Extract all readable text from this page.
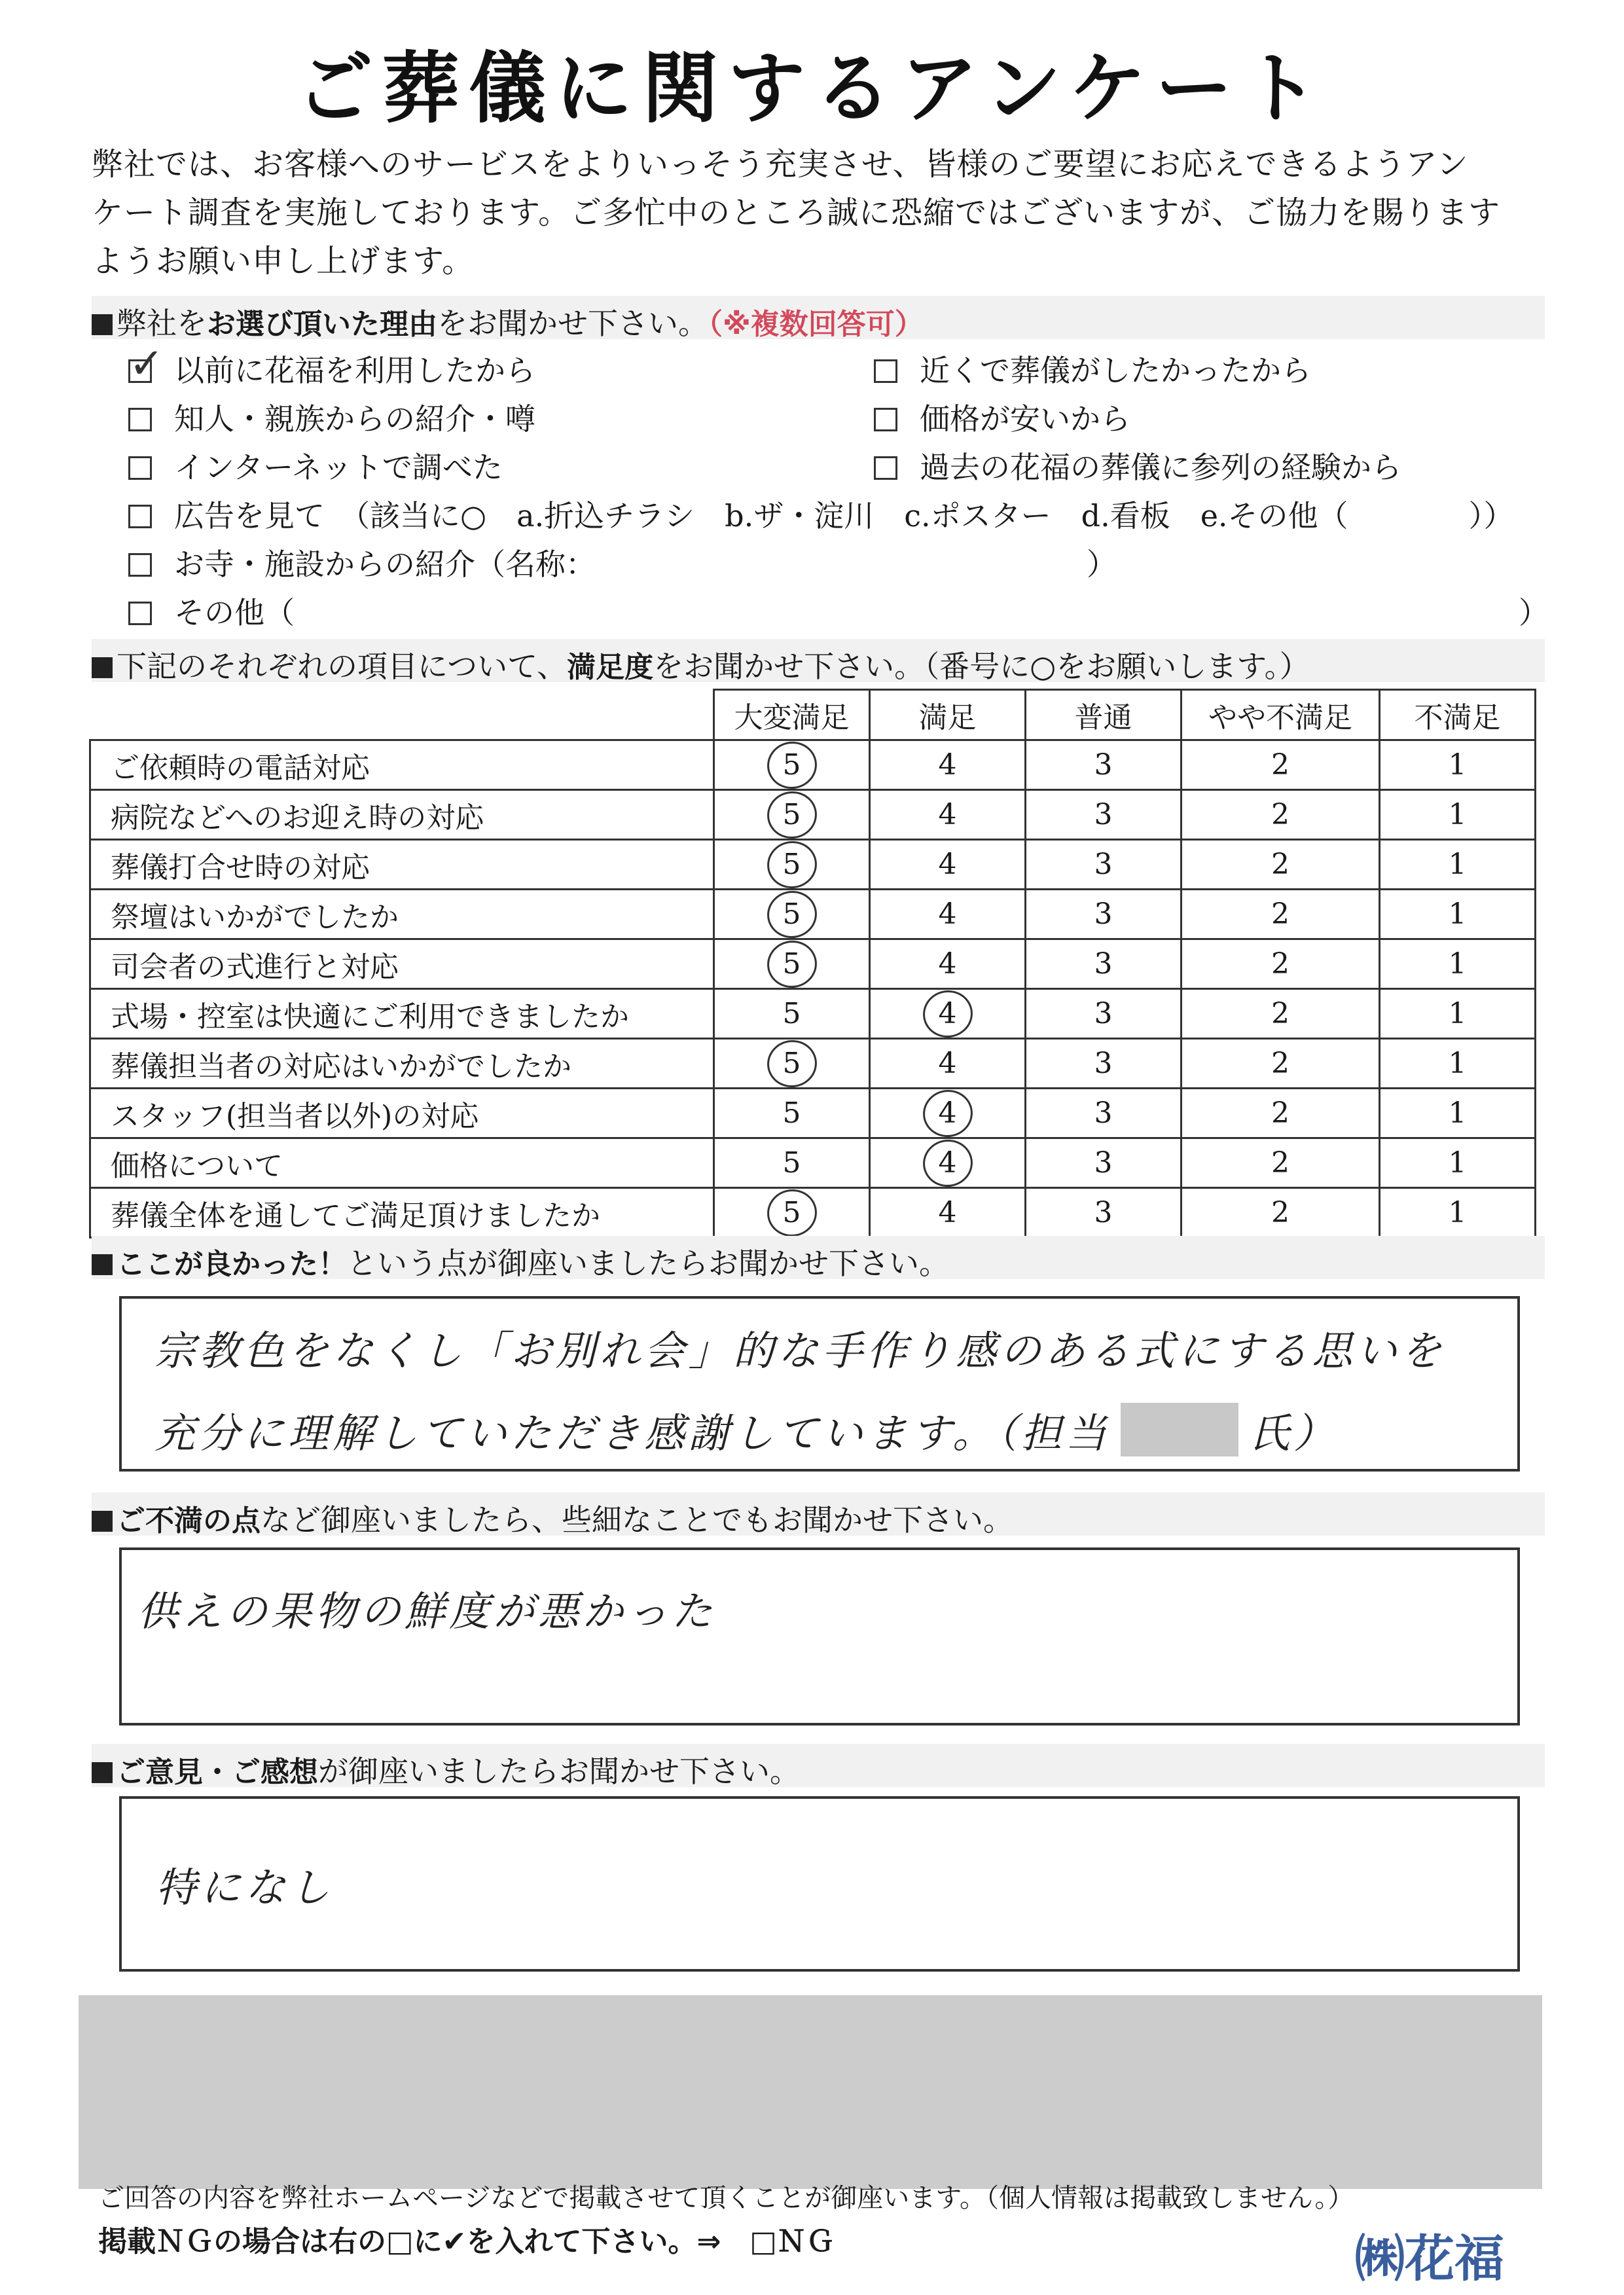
ご葬儀に関するアンケート
弊社では、お客様へのサービスをよりいっそう充実させ、皆様のご要望にお応えできるようアン
ケート調査を実施しております。ご多忙中のところ誠に恐縮ではございますが、ご協力を賜ります
ようお願い申し上げます。
弊社をお選び頂いた理由をお聞かせ下さい。（※複数回答可）
✓ 以前に花福を利用したから
知人・親族からの紹介・噂
インターネットで調べた
広告を見て　（該当に○　a.折込チラシ　b.ザ・淀川　c.ポスター　d.看板　e.その他（　　　　））
お寺・施設からの紹介（名称：	）
その他（	）
近くで葬儀がしたかったから
価格が安いから
過去の花福の葬儀に参列の経験から
下記のそれぞれの項目について、満足度をお聞かせ下さい。（番号に○をお願いします。）
	大変満足	満足	普通	やや不満足	不満足
ご依頼時の電話対応	5	4	3	2	1
病院などへのお迎え時の対応	5	4	3	2	1
葬儀打合せ時の対応	5	4	3	2	1
祭壇はいかがでしたか	5	4	3	2	1
司会者の式進行と対応	5	4	3	2	1
式場・控室は快適にご利用できましたか	5	4	3	2	1
葬儀担当者の対応はいかがでしたか	5	4	3	2	1
スタッフ(担当者以外)の対応	5	4	3	2	1
価格について	5	4	3	2	1
葬儀全体を通してご満足頂けましたか	5	4	3	2	1
ここが良かった！という点が御座いましたらお聞かせ下さい。
宗教色をなくし「お別れ会」的な手作り感のある式にする思いを
充分に理解していただき感謝しています。（担当	氏）
ご不満の点など御座いましたら、些細なことでもお聞かせ下さい。
供えの果物の鮮度が悪かった
ご意見・ご感想が御座いましたらお聞かせ下さい。
特になし
ご回答の内容を弊社ホームページなどで掲載させて頂くことが御座います。（個人情報は掲載致しません。）
掲載ＮＧの場合は右の□に✔を入れて下さい。⇒　□ＮＧ	㈱花福
